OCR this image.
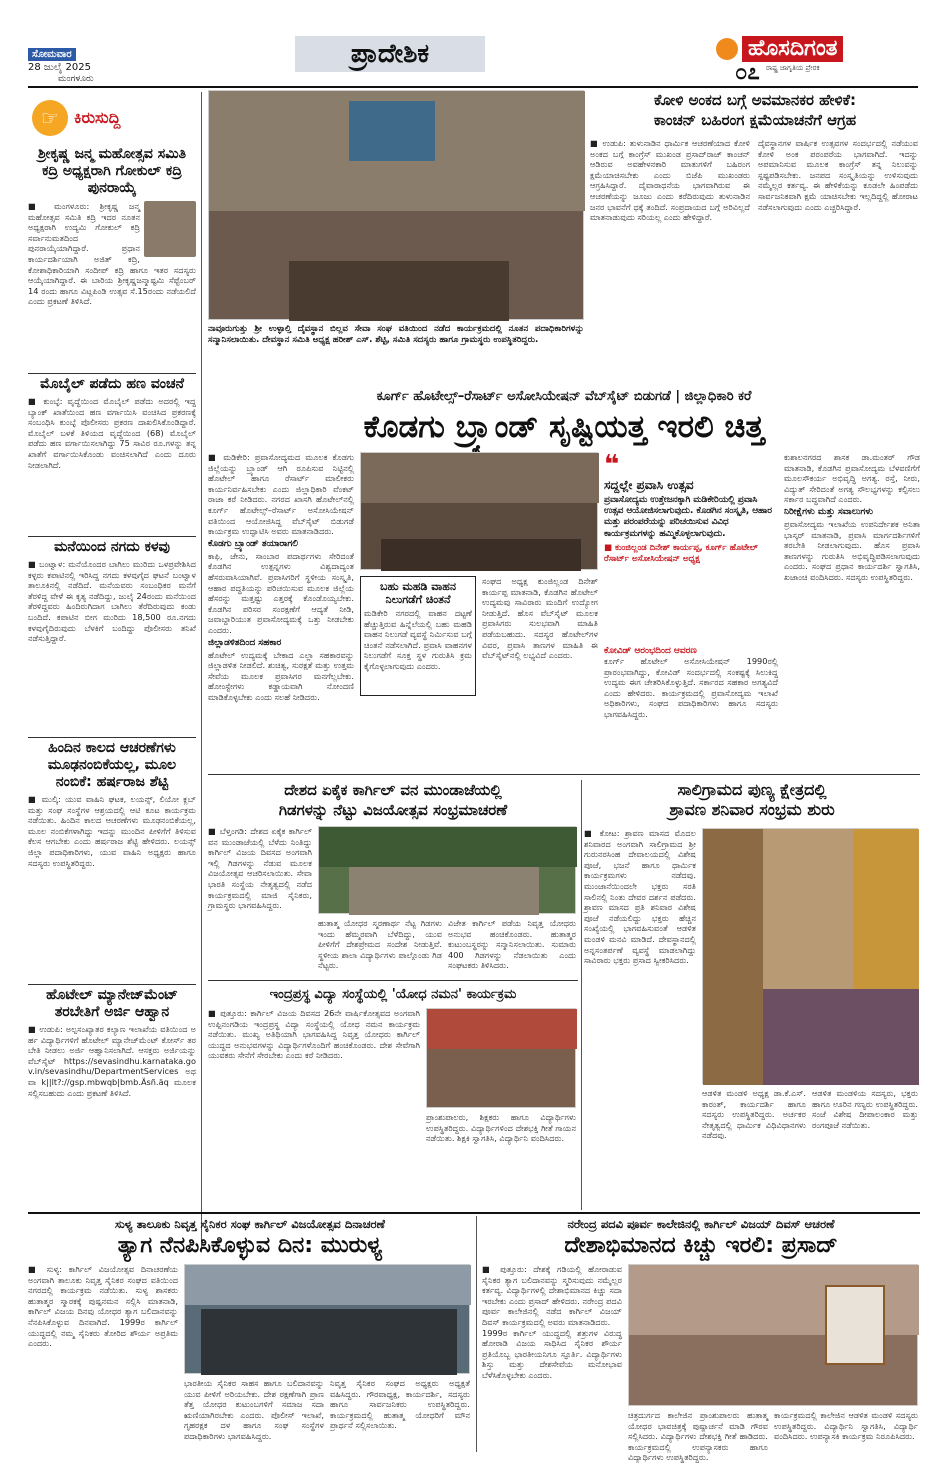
ಸೋಮವಾರ
28 ಜುಲೈ 2025
ಮಂಗಳೂರು
ಪ್ರಾದೇಶಿಕ	ಹೊಸದಿಗಂತ
ರಾಷ್ಟ್ರ ಜಾಗೃತಿಯ ಪ್ರೇರಕ
೦೭
☞ ಕಿರುಸುದ್ದಿ
ಶ್ರೀಕೃಷ್ಣ ಜನ್ಮ ಮಹೋತ್ಸವ ಸಮಿತಿ ಕದ್ರಿ ಅಧ್ಯಕ್ಷರಾಗಿ ಗೋಕುಲ್ ಕದ್ರಿ ಪುನರಾಯ್ಕೆ
■ ಮಂಗಳೂರು: ಶ್ರೀಕೃಷ್ಣ ಜನ್ಮ ಮಹೋತ್ಸವ ಸಮಿತಿ ಕದ್ರಿ ಇದರ ನೂತನ ಅಧ್ಯಕ್ಷರಾಗಿ ಉದ್ಯಮಿ ಗೋಕುಲ್ ಕದ್ರಿ ಸರ್ವಾನುಮತದಿಂದ ಪುನರಾಯ್ಕೆಯಾಗಿದ್ದಾರೆ. ಪ್ರಧಾನ ಕಾರ್ಯದರ್ಶಿಯಾಗಿ ಅಜಿತ್ ಕದ್ರಿ, ಕೋಶಾಧಿಕಾರಿಯಾಗಿ ಸಂದೀಪ್ ಕದ್ರಿ ಹಾಗೂ ಇತರ ಸದಸ್ಯರು ಆಯ್ಕೆಯಾಗಿದ್ದಾರೆ. ಈ ಬಾರಿಯ ಶ್ರೀಕೃಷ್ಣಜನ್ಮಾಷ್ಟಮಿ ಸೆಪ್ಟೆಂಬರ್ 14 ರಂದು ಹಾಗೂ ವಿಟ್ಲಪಿಂಡಿ ಉತ್ಸವ ಸೆ.15ರಂದು ನಡೆಯಲಿದೆ ಎಂದು ಪ್ರಕಟಣೆ ತಿಳಿಸಿದೆ.
ಮೊಬೈಲ್ ಪಡೆದು ಹಣ ವಂಚನೆ
■ ಕುಂಬ್ಳೆ: ವೃದ್ಧೆಯಿಂದ ಮೊಬೈಲ್ ಪಡೆದು ಅದರಲ್ಲಿ ಇದ್ದ ಬ್ಯಾಂಕ್ ಖಾತೆಯಿಂದ ಹಣ ವರ್ಗಾಯಿಸಿ ವಂಚಿಸಿದ ಪ್ರಕರಣಕ್ಕೆ ಸಂಬಂಧಿಸಿ ಕುಂಬ್ಳೆ ಪೊಲೀಸರು ಪ್ರಕರಣ ದಾಖಲಿಸಿಕೊಂಡಿದ್ದಾರೆ. ಮೊಬೈಲ್ ಬಳಕೆ ತಿಳಿಯದ ವೃದ್ಧೆಯಿಂದ (68) ಮೊಬೈಲ್ ಪಡೆದು ಹಣ ವರ್ಗಾಯಿಸಲಾಗಿದ್ದು 75 ಸಾವಿರ ರೂ.ಗಳನ್ನು ತನ್ನ ಖಾತೆಗೆ ವರ್ಗಾಯಿಸಿಕೊಂಡು ವಂಚಿಸಲಾಗಿದೆ ಎಂದು ದೂರು ನೀಡಲಾಗಿದೆ.
ಮನೆಯಿಂದ ನಗದು ಕಳವು
■ ಬಂಟ್ವಾಳ: ಮನೆಯೊಂದರ ಬಾಗಿಲು ಮುರಿದು ಒಳಪ್ರವೇಶಿಸಿದ ಕಳ್ಳರು ಕಪಾಟಿನಲ್ಲಿ ಇರಿಸಿದ್ದ ನಗದು ಕಳವುಗೈದ ಘಟನೆ ಬಂಟ್ವಾಳ ತಾಲೂಕಿನಲ್ಲಿ ನಡೆದಿದೆ. ಮನೆಯವರು ಸಂಬಂಧಿಕರ ಮನೆಗೆ ತೆರಳಿದ್ದ ವೇಳೆ ಈ ಕೃತ್ಯ ನಡೆದಿದ್ದು, ಜುಲೈ 24ರಂದು ಮನೆಯಿಂದ ತೆರಳಿದ್ದವರು ಹಿಂದಿರುಗಿದಾಗ ಬಾಗಿಲು ತೆರೆದಿರುವುದು ಕಂಡು ಬಂದಿದೆ. ಕಪಾಟಿನ ಬೀಗ ಮುರಿದು 18,500 ರೂ.ನಗದು ಕಳವುಗೈದಿರುವುದು ಬೆಳಕಿಗೆ ಬಂದಿದ್ದು ಪೊಲೀಸರು ತನಿಖೆ ನಡೆಸುತ್ತಿದ್ದಾರೆ.
ಹಿಂದಿನ ಕಾಲದ ಆಚರಣೆಗಳು ಮೂಢನಂಬಿಕೆಯಲ್ಲ, ಮೂಲ ನಂಬಿಕೆ: ಹರ್ಷರಾಜ ಶೆಟ್ಟಿ
■ ಮುಲ್ಕಿ: ಯುವ ವಾಹಿನಿ ಘಟಕ, ಲಯನ್ಸ್, ಲಿಯೋ ಕ್ಲಬ್ ಮತ್ತು ಸಂಘ ಸಂಸ್ಥೆಗಳ ಆಶ್ರಯದಲ್ಲಿ ಆಟಿ ಕೂಟ ಕಾರ್ಯಕ್ರಮ ನಡೆಯಿತು. ಹಿಂದಿನ ಕಾಲದ ಆಚರಣೆಗಳು ಮೂಢನಂಬಿಕೆಯಲ್ಲ, ಮೂಲ ನಂಬಿಕೆಗಳಾಗಿದ್ದು ಇದನ್ನು ಮುಂದಿನ ಪೀಳಿಗೆಗೆ ತಿಳಿಸುವ ಕೆಲಸ ಆಗಬೇಕು ಎಂದು ಹರ್ಷರಾಜ ಶೆಟ್ಟಿ ಹೇಳಿದರು. ಲಯನ್ಸ್ ಜಿಲ್ಲಾ ಪದಾಧಿಕಾರಿಗಳು, ಯುವ ವಾಹಿನಿ ಅಧ್ಯಕ್ಷರು ಹಾಗೂ ಸದಸ್ಯರು ಉಪಸ್ಥಿತರಿದ್ದರು.
ಹೊಟೇಲ್ ಮ್ಯಾನೇಜ್‌ಮೆಂಟ್ ತರಬೇತಿಗೆ ಅರ್ಜಿ ಆಹ್ವಾನ
■ ಉಡುಪಿ: ಅಲ್ಪಸಂಖ್ಯಾತರ ಕಲ್ಯಾಣ ಇಲಾಖೆಯ ವತಿಯಿಂದ ಅರ್ಹ ವಿದ್ಯಾರ್ಥಿಗಳಿಗೆ ಹೊಟೇಲ್ ಮ್ಯಾನೇಜ್‌ಮೆಂಟ್ ಕೋರ್ಸ್ ತರಬೇತಿ ನೀಡಲು ಅರ್ಜಿ ಆಹ್ವಾನಿಸಲಾಗಿದೆ. ಆಸಕ್ತರು ಅರ್ಜಿಯನ್ನು ವೆಬ್‌ಸೈಟ್ https://sevasindhu.karnataka.gov.in/sevasindhu/DepartmentServices ಅಥವಾ k||lt?://gsp.mbwqb|bmb.Äsñ.äq ಮೂಲಕ ಸಲ್ಲಿಸಬಹುದು ಎಂದು ಪ್ರಕಟಣೆ ತಿಳಿಸಿದೆ.
ನಾವೂರುಗುತ್ತು ಶ್ರೀ ಉಳ್ಳಾಲ್ತಿ ದೈವಸ್ಥಾನ ಬಿಲ್ಲವ ಸೇವಾ ಸಂಘ ವತಿಯಿಂದ ನಡೆದ ಕಾರ್ಯಕ್ರಮದಲ್ಲಿ ನೂತನ ಪದಾಧಿಕಾರಿಗಳನ್ನು ಸನ್ಮಾನಿಸಲಾಯಿತು. ದೇವಸ್ಥಾನ ಸಮಿತಿ ಅಧ್ಯಕ್ಷ ಹರೀಶ್ ಎಸ್. ಶೆಟ್ಟಿ, ಸಮಿತಿ ಸದಸ್ಯರು ಹಾಗೂ ಗ್ರಾಮಸ್ಥರು ಉಪಸ್ಥಿತರಿದ್ದರು.
ಕೋಳಿ ಅಂಕದ ಬಗ್ಗೆ ಅವಮಾನಕರ ಹೇಳಿಕೆ:
ಕಾಂಚನ್ ಬಹಿರಂಗ ಕ್ಷಮೆಯಾಚನೆಗೆ ಆಗ್ರಹ
■ ಉಡುಪಿ: ತುಳುನಾಡಿನ ಧಾರ್ಮಿಕ ಆಚರಣೆಯಾದ ಕೋಳಿ ಅಂಕದ ಬಗ್ಗೆ ಕಾಂಗ್ರೆಸ್ ಮುಖಂಡ ಪ್ರಸಾದ್‌ರಾಜ್ ಕಾಂಚನ್ ಆಡಿರುವ ಅವಹೇಳನಕಾರಿ ಮಾತುಗಳಿಗೆ ಬಹಿರಂಗ ಕ್ಷಮೆಯಾಚಿಸಬೇಕು ಎಂದು ಬಿಜೆಪಿ ಮುಖಂಡರು ಆಗ್ರಹಿಸಿದ್ದಾರೆ. ದೈವಾರಾಧನೆಯ ಭಾಗವಾಗಿರುವ ಈ ಆಚರಣೆಯನ್ನು ಜೂಜು ಎಂದು ಕರೆದಿರುವುದು ತುಳುನಾಡಿನ ಜನರ ಭಾವನೆಗೆ ಧಕ್ಕೆ ತಂದಿದೆ. ಸಂಪ್ರದಾಯದ ಬಗ್ಗೆ ಅರಿವಿಲ್ಲದೆ ಮಾತನಾಡುವುದು ಸರಿಯಲ್ಲ ಎಂದು ಹೇಳಿದ್ದಾರೆ.
ದೈವಸ್ಥಾನಗಳ ವಾರ್ಷಿಕ ಉತ್ಸವಗಳ ಸಂದರ್ಭದಲ್ಲಿ ನಡೆಯುವ ಕೋಳಿ ಅಂಕ ಪರಂಪರೆಯ ಭಾಗವಾಗಿದೆ. ಇದನ್ನು ಅಪಮಾನಿಸುವ ಮೂಲಕ ಕಾಂಗ್ರೆಸ್ ತನ್ನ ನಿಲುವನ್ನು ಸ್ಪಷ್ಟಪಡಿಸಬೇಕು. ಜನಪದ ಸಂಸ್ಕೃತಿಯನ್ನು ಉಳಿಸುವುದು ನಮ್ಮೆಲ್ಲರ ಕರ್ತವ್ಯ. ಈ ಹೇಳಿಕೆಯನ್ನು ಕೂಡಲೇ ಹಿಂಪಡೆದು ಸಾರ್ವಜನಿಕವಾಗಿ ಕ್ಷಮೆ ಯಾಚಿಸಬೇಕು ಇಲ್ಲದಿದ್ದಲ್ಲಿ ಹೋರಾಟ ನಡೆಸಲಾಗುವುದು ಎಂದು ಎಚ್ಚರಿಸಿದ್ದಾರೆ.
ಕೂರ್ಗ್ ಹೊಟೇಲ್ಸ್–ರೆಸಾರ್ಟ್ ಅಸೋಸಿಯೇಷನ್ ವೆಬ್‌ಸೈಟ್ ಬಿಡುಗಡೆ | ಜಿಲ್ಲಾಧಿಕಾರಿ ಕರೆ
ಕೊಡಗು ಬ್ರ್ಯಾಂಡ್ ಸೃಷ್ಟಿಯತ್ತ ಇರಲಿ ಚಿತ್ತ
■ ಮಡಿಕೇರಿ: ಪ್ರವಾಸೋದ್ಯಮದ ಮೂಲಕ ಕೊಡಗು ಜಿಲ್ಲೆಯನ್ನು ಬ್ರ್ಯಾಂಡ್ ಆಗಿ ರೂಪಿಸುವ ನಿಟ್ಟಿನಲ್ಲಿ ಹೊಟೇಲ್ ಹಾಗೂ ರೆಸಾರ್ಟ್ ಮಾಲೀಕರು ಕಾರ್ಯನಿರ್ವಹಿಸಬೇಕು ಎಂದು ಜಿಲ್ಲಾಧಿಕಾರಿ ವೆಂಕಟ್ ರಾಜಾ ಕರೆ ನೀಡಿದರು. ನಗರದ ಖಾಸಗಿ ಹೊಟೇಲ್‌ನಲ್ಲಿ ಕೂರ್ಗ್ ಹೊಟೇಲ್ಸ್–ರೆಸಾರ್ಟ್ ಅಸೋಸಿಯೇಷನ್ ವತಿಯಿಂದ ಆಯೋಜಿಸಿದ್ದ ವೆಬ್‌ಸೈಟ್ ಬಿಡುಗಡೆ ಕಾರ್ಯಕ್ರಮ ಉದ್ಘಾಟಿಸಿ ಅವರು ಮಾತನಾಡಿದರು.
ಕೊಡಗು ಬ್ರ್ಯಾಂಡ್ ತಯಾರಾಗಲಿ
ಕಾಫಿ, ಜೇನು, ಸಾಂಬಾರ ಪದಾರ್ಥಗಳು ಸೇರಿದಂತೆ ಕೊಡಗಿನ ಉತ್ಪನ್ನಗಳು ವಿಶ್ವದಾದ್ಯಂತ ಹೆಸರುವಾಸಿಯಾಗಿವೆ. ಪ್ರವಾಸಿಗರಿಗೆ ಸ್ಥಳೀಯ ಸಂಸ್ಕೃತಿ, ಆಹಾರ ಪದ್ಧತಿಯನ್ನು ಪರಿಚಯಿಸುವ ಮೂಲಕ ಜಿಲ್ಲೆಯ ಹೆಸರನ್ನು ಮತ್ತಷ್ಟು ಎತ್ತರಕ್ಕೆ ಕೊಂಡೊಯ್ಯಬೇಕು. ಕೊಡಗಿನ ಪರಿಸರ ಸಂರಕ್ಷಣೆಗೆ ಆದ್ಯತೆ ನೀಡಿ, ಜವಾಬ್ದಾರಿಯುತ ಪ್ರವಾಸೋದ್ಯಮಕ್ಕೆ ಒತ್ತು ನೀಡಬೇಕು ಎಂದರು.
ಜಿಲ್ಲಾಡಳಿತದಿಂದ ಸಹಕಾರ
ಹೊಟೇಲ್ ಉದ್ಯಮಕ್ಕೆ ಬೇಕಾದ ಎಲ್ಲಾ ಸಹಕಾರವನ್ನು ಜಿಲ್ಲಾಡಳಿತ ನೀಡಲಿದೆ. ಶುಚಿತ್ವ, ಸುರಕ್ಷತೆ ಮತ್ತು ಉತ್ತಮ ಸೇವೆಯ ಮೂಲಕ ಪ್ರವಾಸಿಗರ ಮನಗೆಲ್ಲಬೇಕು. ಹೋಂಸ್ಟೇಗಳು ಕಡ್ಡಾಯವಾಗಿ ನೋಂದಣಿ ಮಾಡಿಕೊಳ್ಳಬೇಕು ಎಂದು ಸಲಹೆ ನೀಡಿದರು.
❝
ಸದ್ದಲ್ಲೇ ಪ್ರವಾಸಿ ಉತ್ಸವ
ಪ್ರವಾಸೋದ್ಯಮ ಉತ್ತೇಜನಕ್ಕಾಗಿ ಮಡಿಕೇರಿಯಲ್ಲಿ ಪ್ರವಾಸಿ ಉತ್ಸವ ಆಯೋಜಿಸಲಾಗುವುದು. ಕೊಡಗಿನ ಸಂಸ್ಕೃತಿ, ಆಹಾರ ಮತ್ತು ಪರಂಪರೆಯನ್ನು ಪರಿಚಯಿಸುವ ವಿವಿಧ ಕಾರ್ಯಕ್ರಮಗಳನ್ನು ಹಮ್ಮಿಕೊಳ್ಳಲಾಗುವುದು.
■ ಕುಂಜಿಲ್ಲಂಡ ದಿನೇಶ್ ಕಾರ್ಯಪ್ಪ, ಕೂರ್ಗ್ ಹೊಟೇಲ್ ರೆಸಾರ್ಟ್ ಅಸೋಸಿಯೇಷನ್ ಅಧ್ಯಕ್ಷ
ಬಹು ಮಹಡಿ ವಾಹನ ನಿಲುಗಡೆಗೆ ಚಿಂತನೆ
ಮಡಿಕೇರಿ ನಗರದಲ್ಲಿ ವಾಹನ ದಟ್ಟಣೆ ಹೆಚ್ಚುತ್ತಿರುವ ಹಿನ್ನೆಲೆಯಲ್ಲಿ ಬಹು ಮಹಡಿ ವಾಹನ ನಿಲುಗಡೆ ವ್ಯವಸ್ಥೆ ನಿರ್ಮಿಸುವ ಬಗ್ಗೆ ಚಿಂತನೆ ನಡೆಸಲಾಗಿದೆ. ಪ್ರವಾಸಿ ವಾಹನಗಳ ನಿಲುಗಡೆಗೆ ಸೂಕ್ತ ಸ್ಥಳ ಗುರುತಿಸಿ ಕ್ರಮ ಕೈಗೊಳ್ಳಲಾಗುವುದು ಎಂದರು.
ಸಂಘದ ಅಧ್ಯಕ್ಷ ಕುಂಜಿಲ್ಲಂಡ ದಿನೇಶ್ ಕಾರ್ಯಪ್ಪ ಮಾತನಾಡಿ, ಕೊಡಗಿನ ಹೊಟೇಲ್ ಉದ್ಯಮವು ಸಾವಿರಾರು ಮಂದಿಗೆ ಉದ್ಯೋಗ ನೀಡುತ್ತಿದೆ. ಹೊಸ ವೆಬ್‌ಸೈಟ್ ಮೂಲಕ ಪ್ರವಾಸಿಗರು ಸುಲಭವಾಗಿ ಮಾಹಿತಿ ಪಡೆಯಬಹುದು. ಸದಸ್ಯರ ಹೊಟೇಲ್‌ಗಳ ವಿವರ, ಪ್ರವಾಸಿ ತಾಣಗಳ ಮಾಹಿತಿ ಈ ವೆಬ್‌ಸೈಟ್‌ನಲ್ಲಿ ಲಭ್ಯವಿದೆ ಎಂದರು.	ಕೋವಿಡ್ ಆರಂಭದಿಂದ ಆವರಣ
ಕೂರ್ಗ್ ಹೊಟೇಲ್ ಅಸೋಸಿಯೇಷನ್ 1990ರಲ್ಲಿ ಪ್ರಾರಂಭವಾಗಿದ್ದು, ಕೋವಿಡ್ ಸಂದರ್ಭದಲ್ಲಿ ಸಂಕಷ್ಟಕ್ಕೆ ಸಿಲುಕಿದ್ದ ಉದ್ಯಮ ಈಗ ಚೇತರಿಸಿಕೊಳ್ಳುತ್ತಿದೆ. ಸರ್ಕಾರದ ಸಹಕಾರ ಅಗತ್ಯವಿದೆ ಎಂದು ಹೇಳಿದರು. ಕಾರ್ಯಕ್ರಮದಲ್ಲಿ ಪ್ರವಾಸೋದ್ಯಮ ಇಲಾಖೆ ಅಧಿಕಾರಿಗಳು, ಸಂಘದ ಪದಾಧಿಕಾರಿಗಳು ಹಾಗೂ ಸದಸ್ಯರು ಭಾಗವಹಿಸಿದ್ದರು.
ಕುಶಾಲನಗರದ ಶಾಸಕ ಡಾ.ಮಂತರ್ ಗೌಡ ಮಾತನಾಡಿ, ಕೊಡಗಿನ ಪ್ರವಾಸೋದ್ಯಮ ಬೆಳವಣಿಗೆಗೆ ಮೂಲಸೌಕರ್ಯ ಅಭಿವೃದ್ಧಿ ಅಗತ್ಯ. ರಸ್ತೆ, ನೀರು, ವಿದ್ಯುತ್ ಸೇರಿದಂತೆ ಅಗತ್ಯ ಸೌಲಭ್ಯಗಳನ್ನು ಕಲ್ಪಿಸಲು ಸರ್ಕಾರ ಬದ್ಧವಾಗಿದೆ ಎಂದರು.
ನಿರೀಕ್ಷೆಗಳು ಮತ್ತು ಸವಾಲುಗಳು
ಪ್ರವಾಸೋದ್ಯಮ ಇಲಾಖೆಯ ಉಪನಿರ್ದೇಶಕ ಅನಿತಾ ಭಾಸ್ಕರ್ ಮಾತನಾಡಿ, ಪ್ರವಾಸಿ ಮಾರ್ಗದರ್ಶಿಗಳಿಗೆ ತರಬೇತಿ ನೀಡಲಾಗುವುದು. ಹೊಸ ಪ್ರವಾಸಿ ತಾಣಗಳನ್ನು ಗುರುತಿಸಿ ಅಭಿವೃದ್ಧಿಪಡಿಸಲಾಗುವುದು ಎಂದರು. ಸಂಘದ ಪ್ರಧಾನ ಕಾರ್ಯದರ್ಶಿ ಸ್ವಾಗತಿಸಿ, ಖಜಾಂಚಿ ವಂದಿಸಿದರು. ಸದಸ್ಯರು ಉಪಸ್ಥಿತರಿದ್ದರು.
ದೇಶದ ಏಕೈಕ ಕಾರ್ಗಿಲ್ ವನ ಮುಂಡಾಜೆಯಲ್ಲಿ
ಗಿಡಗಳನ್ನು ನೆಟ್ಟು ವಿಜಯೋತ್ಸವ ಸಂಭ್ರಮಾಚರಣೆ
■ ಬೆಳ್ತಂಗಡಿ: ದೇಶದ ಏಕೈಕ ಕಾರ್ಗಿಲ್ ವನ ಮುಂಡಾಜೆಯಲ್ಲಿ ಬೆಳೆದು ನಿಂತಿದ್ದು ಕಾರ್ಗಿಲ್ ವಿಜಯ ದಿವಸದ ಅಂಗವಾಗಿ ಇಲ್ಲಿ ಗಿಡಗಳನ್ನು ನೆಡುವ ಮೂಲಕ ವಿಜಯೋತ್ಸವ ಆಚರಿಸಲಾಯಿತು. ಸೇವಾ ಭಾರತಿ ಸಂಸ್ಥೆಯ ನೇತೃತ್ವದಲ್ಲಿ ನಡೆದ ಕಾರ್ಯಕ್ರಮದಲ್ಲಿ ಮಾಜಿ ಸೈನಿಕರು, ಗ್ರಾಮಸ್ಥರು ಭಾಗವಹಿಸಿದ್ದರು.
ಹುತಾತ್ಮ ಯೋಧರ ಸ್ಮರಣಾರ್ಥ ನೆಟ್ಟ ಗಿಡಗಳು ಇಂದು ಹೆಮ್ಮರವಾಗಿ ಬೆಳೆದಿದ್ದು, ಯುವ ಪೀಳಿಗೆಗೆ ದೇಶಪ್ರೇಮದ ಸಂದೇಶ ನೀಡುತ್ತಿವೆ. ಸ್ಥಳೀಯ ಶಾಲಾ ವಿದ್ಯಾರ್ಥಿಗಳು ಪಾಲ್ಗೊಂಡು ಗಿಡ ನೆಟ್ಟರು.
ವಿಜೇತ ಕಾರ್ಗಿಲ್ ಪಡೆಯ ನಿವೃತ್ತ ಯೋಧರು ಅನುಭವ ಹಂಚಿಕೊಂಡರು. ಹುತಾತ್ಮರ ಕುಟುಂಬಸ್ಥರನ್ನು ಸನ್ಮಾನಿಸಲಾಯಿತು. ಸುಮಾರು 400 ಗಿಡಗಳನ್ನು ನೆಡಲಾಯಿತು ಎಂದು ಸಂಘಟಕರು ತಿಳಿಸಿದರು.
ಇಂದ್ರಪ್ರಸ್ಥ ವಿದ್ಯಾ ಸಂಸ್ಥೆಯಲ್ಲಿ 'ಯೋಧ ನಮನ' ಕಾರ್ಯಕ್ರಮ
■ ಪುತ್ತೂರು: ಕಾರ್ಗಿಲ್ ವಿಜಯ ದಿವಸದ 26ನೇ ವಾರ್ಷಿಕೋತ್ಸವದ ಅಂಗವಾಗಿ ಉಪ್ಪಿನಂಗಡಿಯ ಇಂದ್ರಪ್ರಸ್ಥ ವಿದ್ಯಾ ಸಂಸ್ಥೆಯಲ್ಲಿ ಯೋಧ ನಮನ ಕಾರ್ಯಕ್ರಮ ನಡೆಯಿತು. ಮುಖ್ಯ ಅತಿಥಿಯಾಗಿ ಭಾಗವಹಿಸಿದ್ದ ನಿವೃತ್ತ ಯೋಧರು ಕಾರ್ಗಿಲ್ ಯುದ್ಧದ ಅನುಭವಗಳನ್ನು ವಿದ್ಯಾರ್ಥಿಗಳೊಂದಿಗೆ ಹಂಚಿಕೊಂಡರು. ದೇಶ ಸೇವೆಗಾಗಿ ಯುವಕರು ಸೇನೆಗೆ ಸೇರಬೇಕು ಎಂದು ಕರೆ ನೀಡಿದರು.
ಪ್ರಾಂಶುಪಾಲರು, ಶಿಕ್ಷಕರು ಹಾಗೂ ವಿದ್ಯಾರ್ಥಿಗಳು ಉಪಸ್ಥಿತರಿದ್ದರು. ವಿದ್ಯಾರ್ಥಿಗಳಿಂದ ದೇಶಭಕ್ತಿ ಗೀತೆ ಗಾಯನ ನಡೆಯಿತು. ಶಿಕ್ಷಕಿ ಸ್ವಾಗತಿಸಿ, ವಿದ್ಯಾರ್ಥಿನಿ ವಂದಿಸಿದರು.
ಸಾಲಿಗ್ರಾಮದ ಪುಣ್ಯ ಕ್ಷೇತ್ರದಲ್ಲಿ
ಶ್ರಾವಣ ಶನಿವಾರ ಸಂಭ್ರಮ ಶುರು
■ ಕೋಟ: ಶ್ರಾವಣ ಮಾಸದ ಮೊದಲ ಶನಿವಾರದ ಅಂಗವಾಗಿ ಸಾಲಿಗ್ರಾಮದ ಶ್ರೀ ಗುರುನರಸಿಂಹ ದೇವಾಲಯದಲ್ಲಿ ವಿಶೇಷ ಪೂಜೆ, ಭಜನೆ ಹಾಗೂ ಧಾರ್ಮಿಕ ಕಾರ್ಯಕ್ರಮಗಳು ನಡೆದವು. ಮುಂಜಾನೆಯಿಂದಲೇ ಭಕ್ತರು ಸರತಿ ಸಾಲಿನಲ್ಲಿ ನಿಂತು ದೇವರ ದರ್ಶನ ಪಡೆದರು. ಶ್ರಾವಣ ಮಾಸದ ಪ್ರತಿ ಶನಿವಾರ ವಿಶೇಷ ಪೂಜೆ ನಡೆಯಲಿದ್ದು ಭಕ್ತರು ಹೆಚ್ಚಿನ ಸಂಖ್ಯೆಯಲ್ಲಿ ಭಾಗವಹಿಸುವಂತೆ ಆಡಳಿತ ಮಂಡಳಿ ಮನವಿ ಮಾಡಿದೆ. ದೇವಸ್ಥಾನದಲ್ಲಿ ಅನ್ನಸಂತರ್ಪಣೆ ವ್ಯವಸ್ಥೆ ಮಾಡಲಾಗಿದ್ದು ಸಾವಿರಾರು ಭಕ್ತರು ಪ್ರಸಾದ ಸ್ವೀಕರಿಸಿದರು.
ಆಡಳಿತ ಮಂಡಳಿ ಅಧ್ಯಕ್ಷ ಡಾ.ಕೆ.ಎಸ್. ಕಾರಂತ್, ಕಾರ್ಯದರ್ಶಿ ಹಾಗೂ ಸದಸ್ಯರು ಉಪಸ್ಥಿತರಿದ್ದರು. ಅರ್ಚಕರ ನೇತೃತ್ವದಲ್ಲಿ ಧಾರ್ಮಿಕ ವಿಧಿವಿಧಾನಗಳು ನಡೆದವು.
ಆಡಳಿತ ಮಂಡಳಿಯ ಸದಸ್ಯರು, ಭಕ್ತರು ಹಾಗೂ ಊರಿನ ಗಣ್ಯರು ಉಪಸ್ಥಿತರಿದ್ದರು. ಸಂಜೆ ವಿಶೇಷ ದೀಪಾಲಂಕಾರ ಮತ್ತು ರಂಗಪೂಜೆ ನಡೆಯಿತು.
ಸುಳ್ಯ ತಾಲೂಕು ನಿವೃತ್ತ ಸೈನಿಕರ ಸಂಘ ಕಾರ್ಗಿಲ್ ವಿಜಯೋತ್ಸವ ದಿನಾಚರಣೆ
ತ್ಯಾಗ ನೆನಪಿಸಿಕೊಳ್ಳುವ ದಿನ: ಮುರುಳ್ಯ
■ ಸುಳ್ಯ: ಕಾರ್ಗಿಲ್ ವಿಜಯೋತ್ಸವ ದಿನಾಚರಣೆಯ ಅಂಗವಾಗಿ ತಾಲೂಕು ನಿವೃತ್ತ ಸೈನಿಕರ ಸಂಘದ ವತಿಯಿಂದ ನಗರದಲ್ಲಿ ಕಾರ್ಯಕ್ರಮ ನಡೆಯಿತು. ಸುಳ್ಯ ಶಾಸಕರು ಹುತಾತ್ಮರ ಸ್ಮಾರಕಕ್ಕೆ ಪುಷ್ಪನಮನ ಸಲ್ಲಿಸಿ ಮಾತನಾಡಿ, ಕಾರ್ಗಿಲ್ ವಿಜಯ ದಿನವು ಯೋಧರ ತ್ಯಾಗ ಬಲಿದಾನವನ್ನು ನೆನಪಿಸಿಕೊಳ್ಳುವ ದಿನವಾಗಿದೆ. 1999ರ ಕಾರ್ಗಿಲ್ ಯುದ್ಧದಲ್ಲಿ ನಮ್ಮ ಸೈನಿಕರು ತೋರಿದ ಶೌರ್ಯ ಅಪ್ರತಿಮ ಎಂದರು.
ಭಾರತೀಯ ಸೈನಿಕರ ಸಾಹಸ ಹಾಗೂ ಬಲಿದಾನವನ್ನು ಯುವ ಪೀಳಿಗೆ ಅರಿಯಬೇಕು. ದೇಶ ರಕ್ಷಣೆಗಾಗಿ ಪ್ರಾಣ ತೆತ್ತ ಯೋಧರ ಕುಟುಂಬಗಳಿಗೆ ಸಮಾಜ ಸದಾ ಋಣಿಯಾಗಿರಬೇಕು ಎಂದರು. ಪೊಲೀಸ್ ಇಲಾಖೆ, ಗೃಹರಕ್ಷಕ ದಳ ಹಾಗೂ ಸಂಘ ಸಂಸ್ಥೆಗಳ ಪದಾಧಿಕಾರಿಗಳು ಭಾಗವಹಿಸಿದ್ದರು.
ನಿವೃತ್ತ ಸೈನಿಕರ ಸಂಘದ ಅಧ್ಯಕ್ಷರು ಅಧ್ಯಕ್ಷತೆ ವಹಿಸಿದ್ದರು. ಗೌರವಾಧ್ಯಕ್ಷ, ಕಾರ್ಯದರ್ಶಿ, ಸದಸ್ಯರು ಹಾಗೂ ಸಾರ್ವಜನಿಕರು ಉಪಸ್ಥಿತರಿದ್ದರು. ಕಾರ್ಯಕ್ರಮದಲ್ಲಿ ಹುತಾತ್ಮ ಯೋಧರಿಗೆ ಮೌನ ಪ್ರಾರ್ಥನೆ ಸಲ್ಲಿಸಲಾಯಿತು.
ನರೇಂದ್ರ ಪದವಿ ಪೂರ್ವ ಕಾಲೇಜಿನಲ್ಲಿ ಕಾರ್ಗಿಲ್ ವಿಜಯ್ ದಿವಸ್ ಆಚರಣೆ
ದೇಶಾಭಿಮಾನದ ಕಿಚ್ಚು ಇರಲಿ: ಪ್ರಸಾದ್
■ ಪುತ್ತೂರು: ದೇಶಕ್ಕೆ ಗಡಿಯಲ್ಲಿ ಹೋರಾಡುವ ಸೈನಿಕರ ತ್ಯಾಗ ಬಲಿದಾನವನ್ನು ಸ್ಮರಿಸುವುದು ನಮ್ಮೆಲ್ಲರ ಕರ್ತವ್ಯ. ವಿದ್ಯಾರ್ಥಿಗಳಲ್ಲಿ ದೇಶಾಭಿಮಾನದ ಕಿಚ್ಚು ಸದಾ ಇರಬೇಕು ಎಂದು ಪ್ರಸಾದ್ ಹೇಳಿದರು. ನರೇಂದ್ರ ಪದವಿ ಪೂರ್ವ ಕಾಲೇಜಿನಲ್ಲಿ ನಡೆದ ಕಾರ್ಗಿಲ್ ವಿಜಯ್ ದಿವಸ್ ಕಾರ್ಯಕ್ರಮದಲ್ಲಿ ಅವರು ಮಾತನಾಡಿದರು.
1999ರ ಕಾರ್ಗಿಲ್ ಯುದ್ಧದಲ್ಲಿ ಶತ್ರುಗಳ ವಿರುದ್ಧ ಹೋರಾಡಿ ವಿಜಯ ಸಾಧಿಸಿದ ಸೈನಿಕರ ಶೌರ್ಯ ಪ್ರತಿಯೊಬ್ಬ ಭಾರತೀಯನಿಗೂ ಸ್ಫೂರ್ತಿ. ವಿದ್ಯಾರ್ಥಿಗಳು ಶಿಸ್ತು ಮತ್ತು ದೇಶಸೇವೆಯ ಮನೋಭಾವ ಬೆಳೆಸಿಕೊಳ್ಳಬೇಕು ಎಂದರು.
ಚಿತ್ರದುರ್ಗದ ಕಾಲೇಜಿನ ಪ್ರಾಂಶುಪಾಲರು ಹುತಾತ್ಮ ಯೋಧರ ಭಾವಚಿತ್ರಕ್ಕೆ ಪುಷ್ಪಾರ್ಚನೆ ಮಾಡಿ ಗೌರವ ಸಲ್ಲಿಸಿದರು. ವಿದ್ಯಾರ್ಥಿಗಳು ದೇಶಭಕ್ತಿ ಗೀತೆ ಹಾಡಿದರು. ಕಾರ್ಯಕ್ರಮದಲ್ಲಿ ಉಪನ್ಯಾಸಕರು ಹಾಗೂ ವಿದ್ಯಾರ್ಥಿಗಳು ಉಪಸ್ಥಿತರಿದ್ದರು.
ಕಾರ್ಯಕ್ರಮದಲ್ಲಿ ಕಾಲೇಜಿನ ಆಡಳಿತ ಮಂಡಳಿ ಸದಸ್ಯರು ಉಪಸ್ಥಿತರಿದ್ದರು. ವಿದ್ಯಾರ್ಥಿನಿ ಸ್ವಾಗತಿಸಿ, ವಿದ್ಯಾರ್ಥಿ ವಂದಿಸಿದರು. ಉಪನ್ಯಾಸಕಿ ಕಾರ್ಯಕ್ರಮ ನಿರೂಪಿಸಿದರು.
